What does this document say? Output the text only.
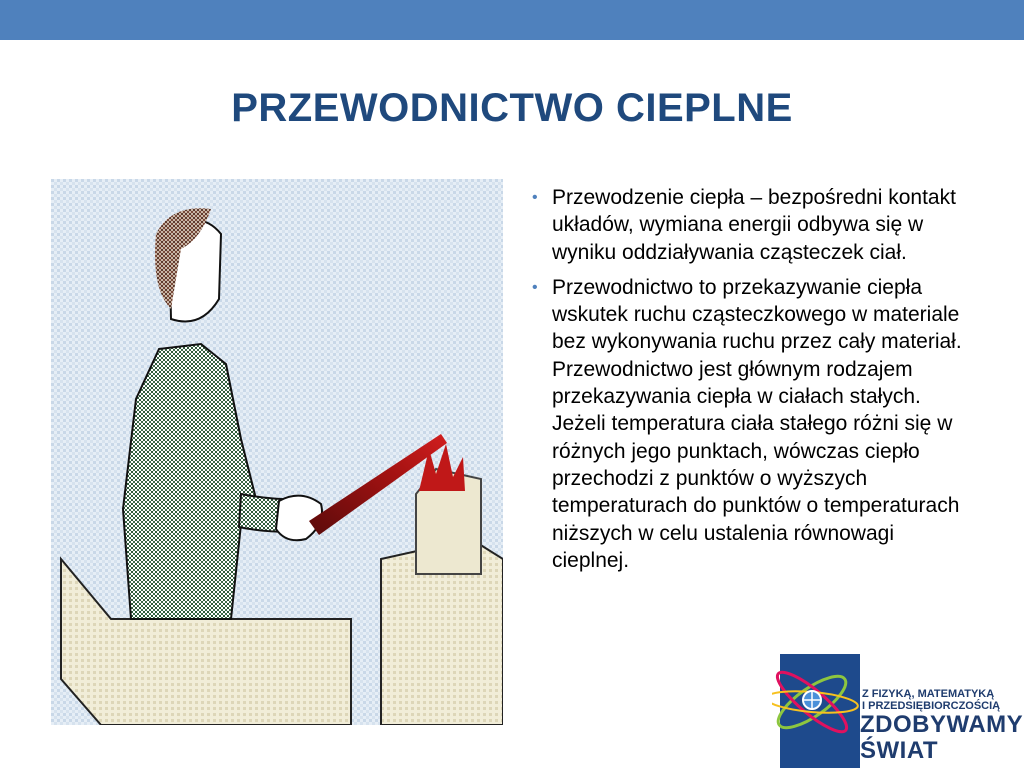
PRZEWODNICTWO CIEPLNE
• Przewodzenie ciepła – bezpośredni kontakt układów, wymiana energii odbywa się w wyniku oddziaływania cząsteczek ciał.
• Przewodnictwo to przekazywanie ciepła wskutek ruchu cząsteczkowego w materiale bez wykonywania ruchu przez cały materiał. Przewodnictwo jest głównym rodzajem przekazywania ciepła w ciałach stałych. Jeżeli temperatura ciała stałego różni się w różnych jego punktach, wówczas ciepło przechodzi z punktów o wyższych temperaturach do punktów o temperaturach niższych w celu ustalenia równowagi cieplnej.
Z FIZYKĄ, MATEMATYKĄ
I PRZEDSIĘBIORCZOŚCIĄ
ZDOBYWAMY
ŚWIAT
